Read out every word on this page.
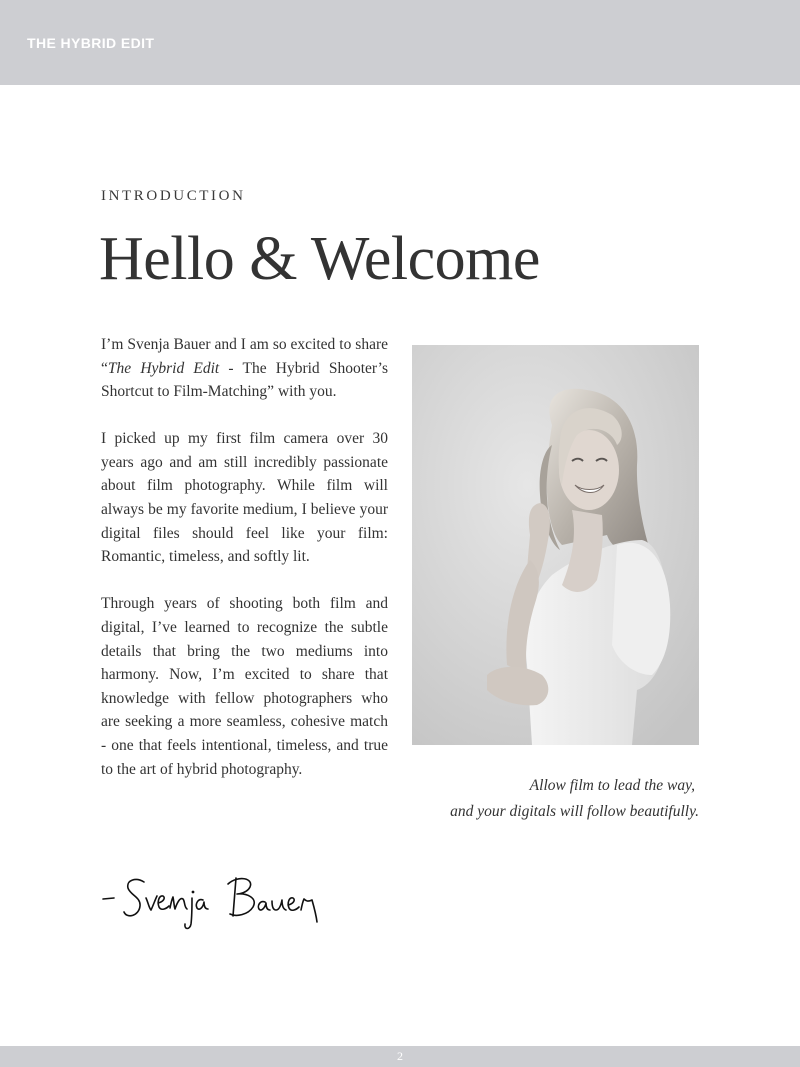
THE HYBRID EDIT
INTRODUCTION
Hello & Welcome

I’m Svenja Bauer and I am so excited to share “The Hybrid Edit - The Hybrid Shooter’s Shortcut to Film-Matching” with you.

I picked up my first film camera over 30 years ago and am still incredibly passionate about film photography. While film will always be my favorite medium, I believe your digital files should feel like your film: Romantic, timeless, and softly lit.

Through years of shooting both film and digital, I’ve learned to recognize the subtle details that bring the two mediums into harmony. Now, I’m excited to share that knowledge with fellow photographers who are seeking a more seamless, cohesive match - one that feels intentional, timeless, and true to the art of hybrid photography.

Allow film to lead the way,
and your digitals will follow beautifully.
2
